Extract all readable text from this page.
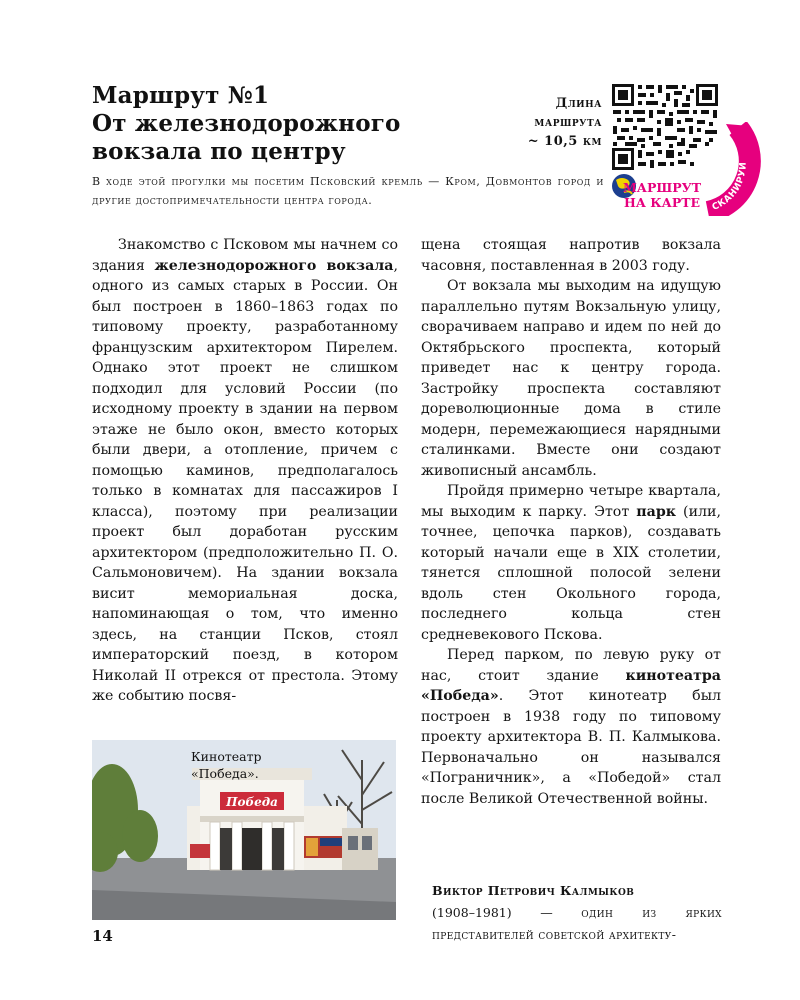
Маршрут №1
От железнодорожного
вокзала по центру
Длина
маршрута
~ 10,5 км
СКАНИРУЙ
МАРШРУТ
НА КАРТЕ
В ходе этой прогулки мы посетим Псковский кремль — Кром, Довмонтов город и другие достопримечательности центра города.

Знакомство с Псковом мы начнем со здания железнодорожного вокзала, одного из самых старых в России. Он был построен в 1860–1863 годах по типовому проекту, разработанному французским архитектором Пирелем. Однако этот проект не слишком подходил для условий России (по исходному проекту в здании на первом этаже не было окон, вместо которых были двери, а отопление, причем с помощью каминов, предполагалось только в комнатах для пассажиров I класса), поэтому при реализации проект был доработан русским архитектором (предположительно П. О. Сальмоновичем). На здании вокзала висит мемориальная доска, напоминающая о том, что именно здесь, на станции Псков, стоял императорский поезд, в котором Николай II отрекся от престола. Этому же событию посвя-

Победа
Кинотеатр
«Победа».

щена стоящая напротив вокзала часовня, поставленная в 2003 году.

От вокзала мы выходим на идущую параллельно путям Вокзальную улицу, сворачиваем направо и идем по ней до Октябрьского проспекта, который приведет нас к центру города. Застройку проспекта составляют дореволюционные дома в стиле модерн, перемежающиеся нарядными сталинками. Вместе они создают живописный ансамбль.

Пройдя примерно четыре квартала, мы выходим к парку. Этот парк (или, точнее, цепочка парков), создавать который начали еще в XIX столетии, тянется сплошной полосой зелени вдоль стен Окольного города, последнего кольца стен средневекового Пскова.

Перед парком, по левую руку от нас, стоит здание кинотеатра «Победа». Этот кинотеатр был построен в 1938 году по типовому проекту архитектора В. П. Калмыкова. Первоначально он назывался «Пограничник», а «Победой» стал после Великой Отечественной войны.

Виктор Петрович Калмыков
(1908–1981) — один из ярких представителей советской архитекту-
14
